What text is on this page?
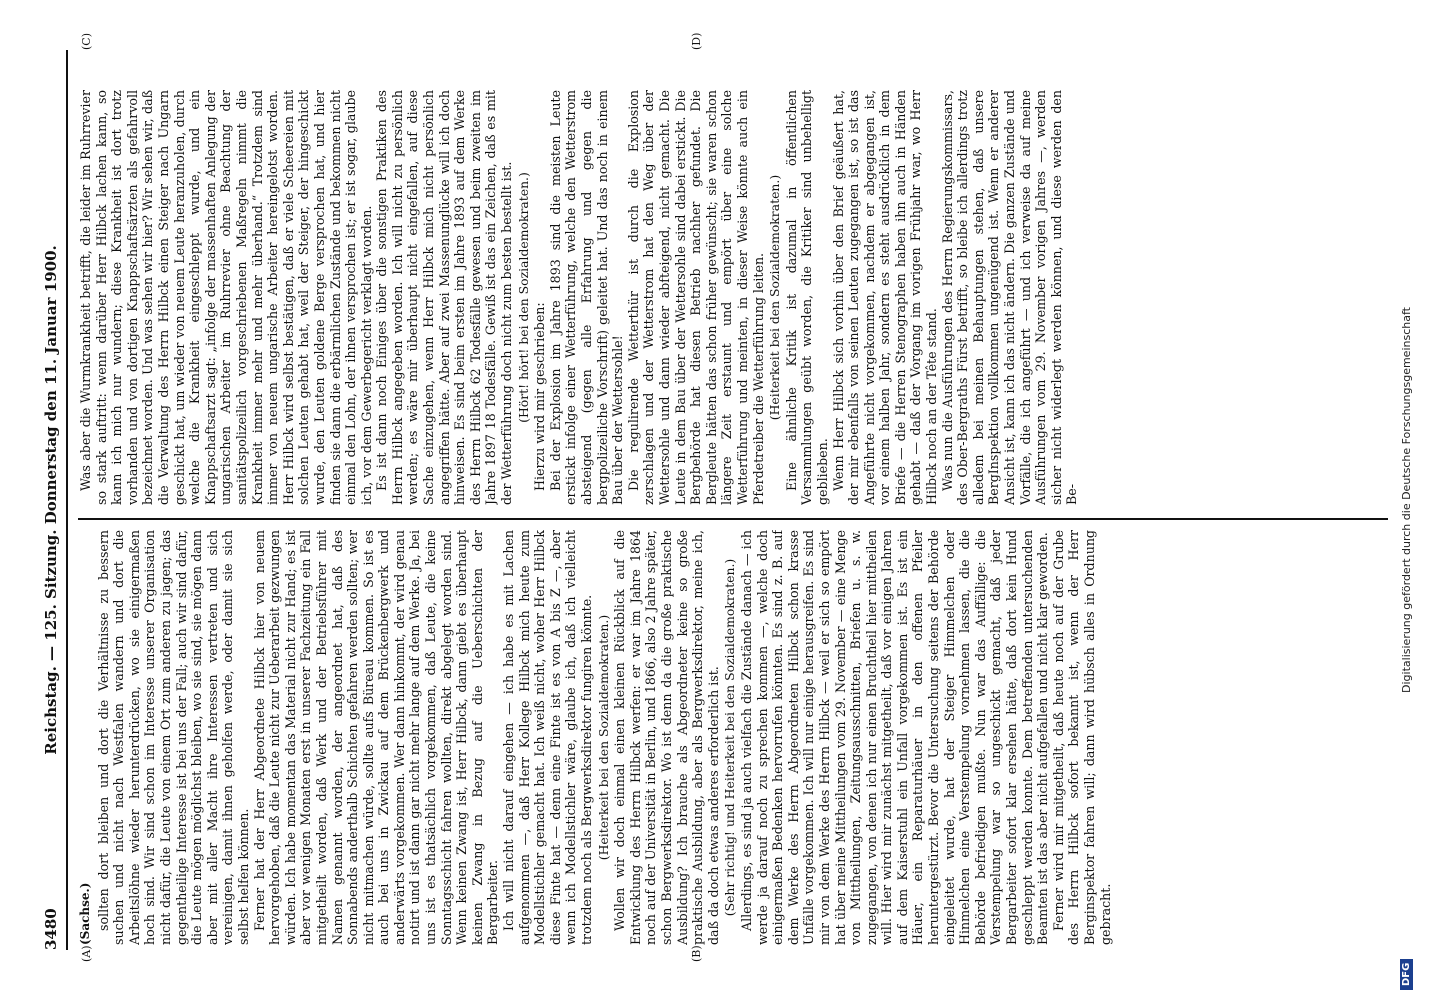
3480
Reichstag. — 125. Sitzung. Donnerstag den 11. Januar 1900.
(A)	(B)
(C)	(D)
(Sachse.) sollten dort bleiben und dort die Verhältnisse zu bessern suchen und nicht nach Westfalen wandern und dort die Arbeitslöhne wieder herunterdrücken, wo sie einigermaßen hoch sind. Wir sind schon im Interesse unserer Organisation nicht dafür, die Leute von einem Ort zum anderen zu jagen; das gegentheilige Interesse ist bei uns der Fall; auch wir sind dafür, die Leute mögen möglichst bleiben, wo sie sind, sie mögen dann aber mit aller Macht ihre Interessen vertreten und sich vereinigen, damit ihnen geholfen werde, oder damit sie sich selbst helfen können. Ferner hat der Herr Abgeordnete Hilbck hier von neuem hervorgehoben, daß die Leute nicht zur Ueberarbeit gezwungen würden. Ich habe momentan das Material nicht zur Hand; es ist aber vor wenigen Monaten erst in unserer Fachzeitung ein Fall mitgetheilt worden, daß Werk und der Betriebsführer mit Namen genannt worden, der angeordnet hat, daß des Sonnabends anderthalb Schichten gefahren werden sollten; wer nicht mitmachen würde, sollte aufs Büreau kommen. So ist es auch bei uns in Zwickau auf dem Brückenbergwerk und anderwärts vorgekommen. Wer dann hinkommt, der wird genau notirt und ist dann gar nicht mehr lange auf dem Werke. Ja, bei uns ist es thatsächlich vorgekommen, daß Leute, die keine Sonntagsschicht fahren wollten, direkt abgelegt worden sind. Wenn keinen Zwang ist, Herr Hilbck, dann giebt es überhaupt keinen Zwang in Bezug auf die Ueberschichten der Bergarbeiter. Ich will nicht darauf eingehen — ich habe es mit Lachen aufgenommen —, daß Herr Kollege Hilbck mich heute zum Modellstichler gemacht hat. Ich weiß nicht, woher Herr Hilbck diese Finte hat — denn eine Finte ist es von A bis Z —, aber wenn ich Modellstichler wäre, glaube ich, daß ich vielleicht trotzdem noch als Bergwerksdirektor fungiren könnte. (Heiterkeit bei den Sozialdemokraten.) Wollen wir doch einmal einen kleinen Rückblick auf die Entwicklung des Herrn Hilbck werfen: er war im Jahre 1864 noch auf der Universität in Berlin, und 1866, also 2 Jahre später, schon Bergwerksdirektor. Wo ist denn da die große praktische Ausbildung? Ich brauche als Abgeordneter keine so große praktische Ausbildung, aber als Bergwerksdirektor, meine ich, daß da doch etwas anderes erforderlich ist. (Sehr richtig! und Heiterkeit bei den Sozialdemokraten.) Allerdings, es sind ja auch vielfach die Zustände danach — ich werde ja darauf noch zu sprechen kommen —, welche doch einigermaßen Bedenken hervorrufen könnten. Es sind z. B. auf dem Werke des Herrn Abgeordneten Hilbck schon krasse Unfälle vorgekommen. Ich will nur einige herausgreifen. Es sind mir von dem Werke des Herrn Hilbck — weil er sich so empört hat über meine Mittheilungen vom 29. November — eine Menge von Mittheilungen, Zeitungsausschnitten, Briefen u. s. w. zugegangen, von denen ich nur einen Bruchtheil hier mittheilen will. Hier wird mir zunächst mitgetheilt, daß vor einigen Jahren auf dem Kaiserstuhl ein Unfall vorgekommen ist. Es ist ein Häuer, ein Reparaturhäuer in den offenen Pfeiler heruntergestürzt. Bevor die Untersuchung seitens der Behörde eingeleitet wurde, hat der Steiger Himmelchen oder Hinmelchen eine Verstempelung vornehmen lassen, die die Behörde befriedigen mußte. Nun war das Auffällige: die Verstempelung war so ungeschickt gemacht, daß jeder Bergarbeiter sofort klar ersehen hätte, daß dort kein Hund geschleppt werden konnte. Dem betreffenden untersuchenden Beamten ist das aber nicht aufgefallen und nicht klar geworden. Ferner wird mir mitgetheilt, daß heute noch auf der Grube des Herrn Hilbck sofort bekannt ist, wenn der Herr Berginspektor fahren will; dann wird hübsch alles in Ordnung gebracht.

Was aber die Wurmkrankheit betrifft, die leider im Ruhrrevier so stark auftritt: wenn darüber Herr Hilbck lachen kann, so kann ich mich nur wundern; diese Krankheit ist dort trotz vorhanden und von dortigen Knappschaftsärzten als gefahrvoll bezeichnet worden. Und was sehen wir hier? Wir sehen wir, daß die Verwaltung des Herrn Hilbck einen Steiger nach Ungarn geschickt hat, um wieder von neuem Leute heranzuholen, durch welche die Krankheit eingeschleppt wurde, und ein Knappschaftsarzt sagt: „infolge der massenhaften Anlegung der ungarischen Arbeiter im Ruhrrevier ohne Beachtung der sanitätspolizeilich vorgeschriebenen Maßregeln nimmt die Krankheit immer mehr und mehr überhand.“ Trotzdem sind immer von neuem ungarische Arbeiter hereingelotst worden. Herr Hilbck wird selbst bestätigen, daß er viele Scheereien mit solchen Leuten gehabt hat, weil der Steiger, der hingeschickt wurde, den Leuten goldene Berge versprochen hat, und hier finden sie dann die erbärmlichen Zustände und bekommen nicht einmal den Lohn, der ihnen versprochen ist; er ist sogar, glaube ich, vor dem Gewerbegericht verklagt worden. Es ist dann noch Einiges über die sonstigen Praktiken des Herrn Hilbck angegeben worden. Ich will nicht zu persönlich werden; es wäre mir überhaupt nicht eingefallen, auf diese Sache einzugehen, wenn Herr Hilbck mich nicht persönlich angegriffen hätte. Aber auf zwei Massenunglücke will ich doch hinweisen. Es sind beim ersten im Jahre 1893 auf dem Werke des Herrn Hilbck 62 Todesfälle gewesen und beim zweiten im Jahre 1897 18 Todesfälle. Gewiß ist das ein Zeichen, daß es mit der Wetterführung doch nicht zum besten bestellt ist. (Hört! hört! bei den Sozialdemokraten.) Hierzu wird mir geschrieben: Bei der Explosion im Jahre 1893 sind die meisten Leute erstickt infolge einer Wetterführung, welche den Wetterstrom absteigend (gegen alle Erfahrung und gegen die bergpolizeiliche Vorschrift) geleitet hat. Und das noch in einem Bau über der Wettersohle! Die regulirende Wetterthür ist durch die Explosion zerschlagen und der Wetterstrom hat den Weg über der Wettersohle und dann wieder abfteigend, nicht gemacht. Die Leute in dem Bau über der Wettersohle sind dabei erstickt. Die Bergbehörde hat diesen Betrieb nachher gefundet. Die Bergleute hätten das schon früher gewünscht; sie waren schon längere Zeit erstaunt und empört über eine solche Wetterführung und meinten, in dieser Weise könnte auch ein Pferdetreiber die Wetterführung leiten. (Heiterkeit bei den Sozialdemokraten.) Eine ähnliche Kritik ist dazumal in öffentlichen Versammlungen geübt worden, die Kritiker sind unbehelligt geblieben. Wenn Herr Hilbck sich vorhin über den Brief geäußert hat, der mir ebenfalls von seinen Leuten zugegangen ist, so ist das Angeführte nicht vorgekommen, nachdem er abgegangen ist, vor einem halben Jahr, sondern es steht ausdrücklich in dem Briefe — die Herren Stenographen haben ihn auch in Händen gehabt — daß der Vorgang im vorigen Frühjahr war, wo Herr Hilbck noch an der Tête stand. Was nun die Ausführungen des Herrn Regierungskommissars, des Ober-Bergraths Fürst betrifft, so bleibe ich allerdings trotz alledem bei meinen Behauptungen stehen, daß unsere BergInspektion vollkommen ungenügend ist. Wenn er anderer Ansicht ist, kann ich das nicht ändern. Die ganzen Zustände und Vorfälle, die ich angeführt — und ich verweise da auf meine Ausführungen vom 29. November vorigen Jahres —, werden sicher nicht widerlegt werden können, und diese werden den Be-

DFG
Digitalisierung gefördert durch die Deutsche Forschungsgemeinschaft
